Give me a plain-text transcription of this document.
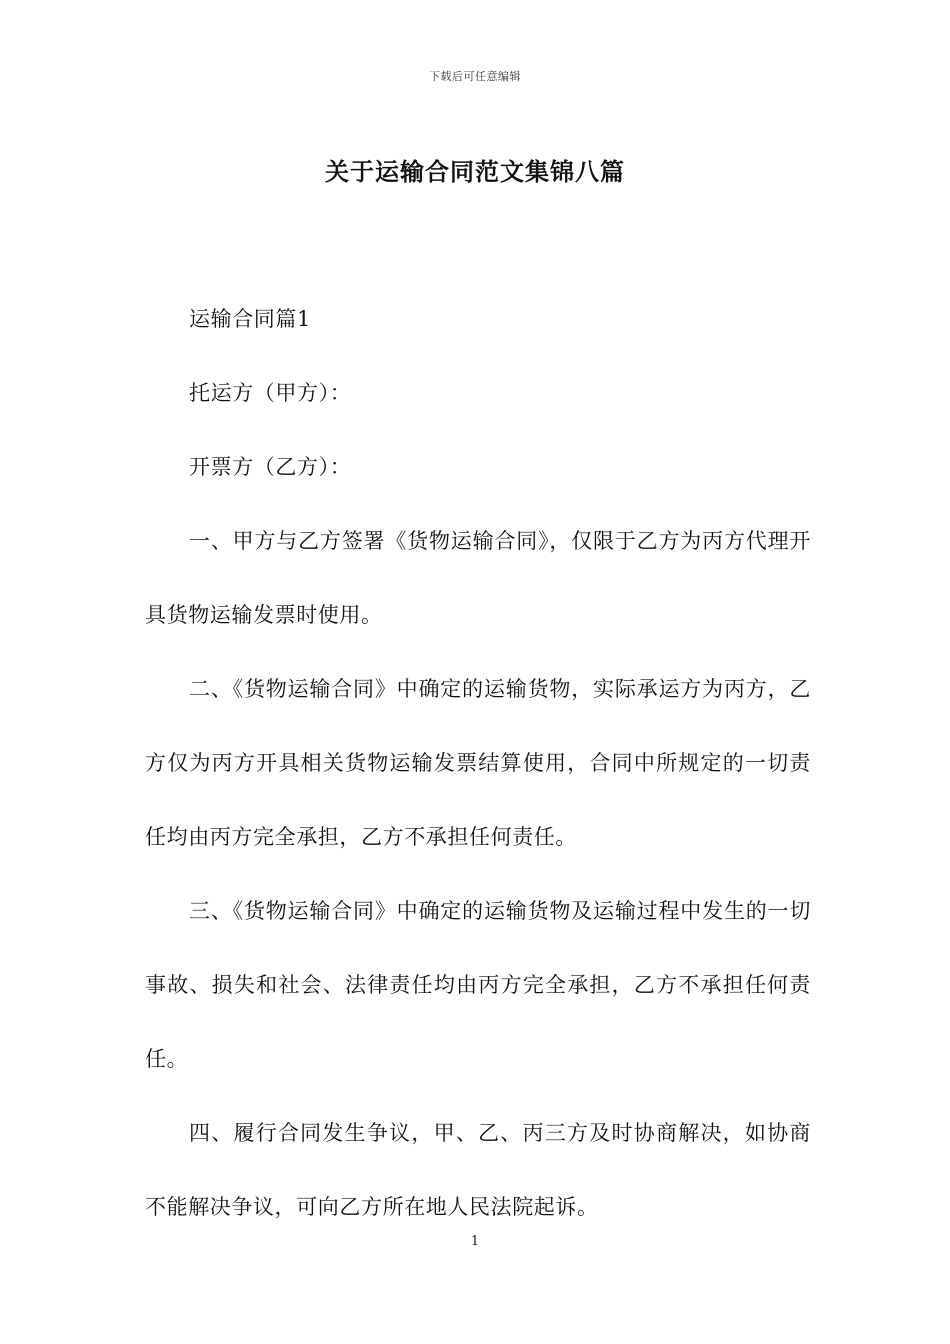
下载后可任意编辑
关于运输合同范文集锦八篇

运输合同篇1

托运方（甲方）：

开票方（乙方）：

一、甲方与乙方签署《货物运输合同》，仅限于乙方为丙方代理开具货物运输发票时使用。

二、《货物运输合同》中确定的运输货物，实际承运方为丙方，乙方仅为丙方开具相关货物运输发票结算使用，合同中所规定的一切责任均由丙方完全承担，乙方不承担任何责任。

三、《货物运输合同》中确定的运输货物及运输过程中发生的一切事故、损失和社会、法律责任均由丙方完全承担，乙方不承担任何责任。

四、履行合同发生争议，甲、乙、丙三方及时协商解决，如协商不能解决争议，可向乙方所在地人民法院起诉。

1
